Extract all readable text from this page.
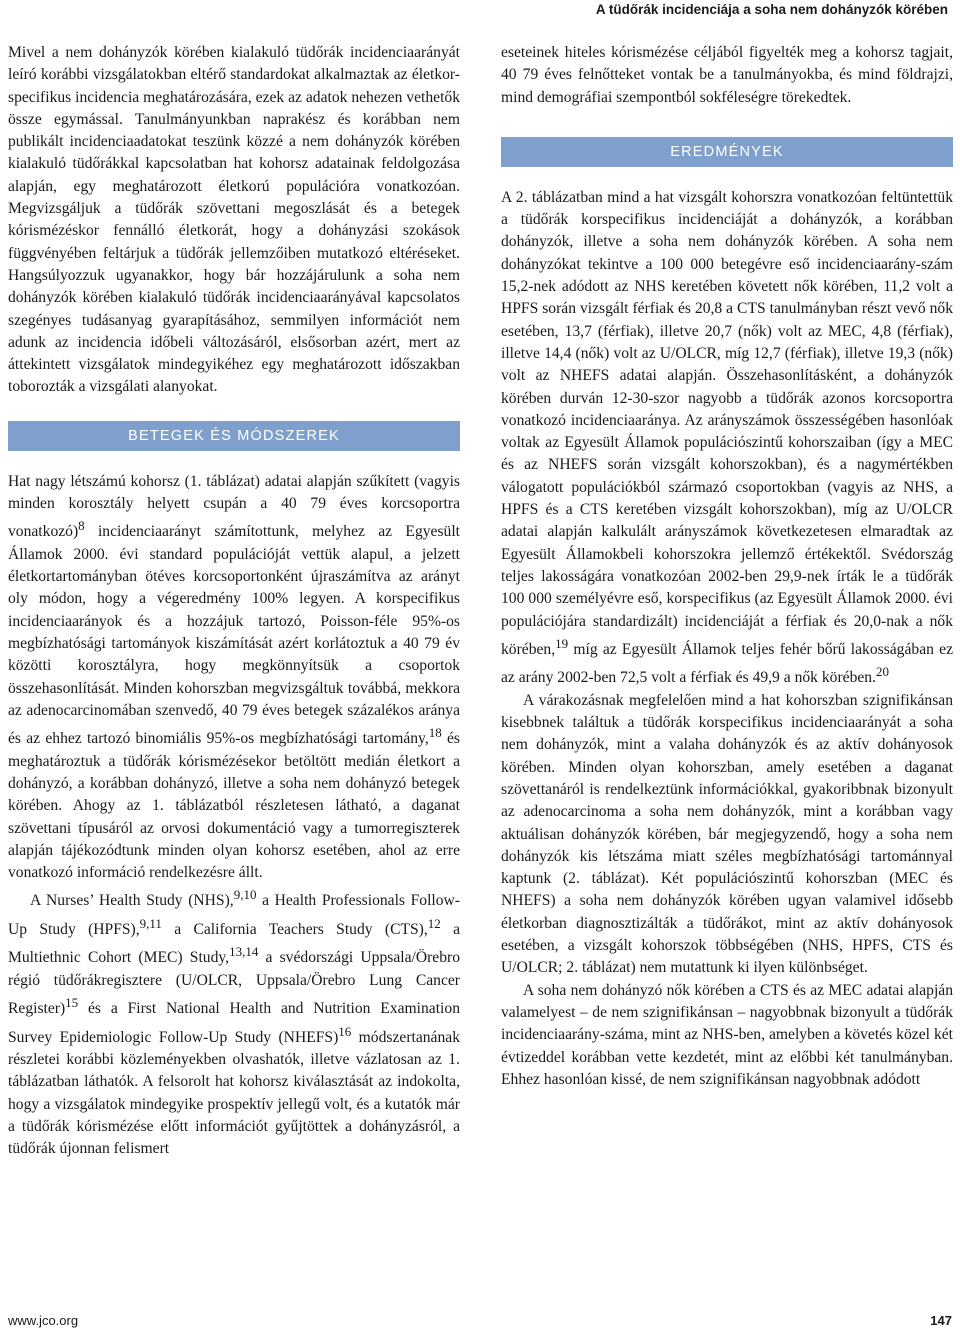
A tüdőrák incidenciája a soha nem dohányzók körében

Mivel a nem dohányzók körében kialakuló tüdőrák incidenciaarányát leíró korábbi vizsgálatokban eltérő standardokat alkalmaztak az életkor-specifikus incidencia meghatározására, ezek az adatok nehezen vethetők össze egymással. Tanulmányunkban naprakész és korábban nem publikált incidenciaadatokat teszünk közzé a nem dohányzók körében kialakuló tüdőrákkal kapcsolatban hat kohorsz adatainak feldolgozása alapján, egy meghatározott életkorú populációra vonatkozóan. Megvizsgáljuk a tüdőrák szövettani megoszlását és a betegek kórismézéskor fennálló életkorát, hogy a dohányzási szokások függvényében feltárjuk a tüdőrák jellemzőiben mutatkozó eltéréseket. Hangsúlyozzuk ugyanakkor, hogy bár hozzájárulunk a soha nem dohányzók körében kialakuló tüdőrák incidenciaarányával kapcsolatos szegényes tudásanyag gyarapításához, semmilyen információt nem adunk az incidencia időbeli változásáról, elsősorban azért, mert az áttekintett vizsgálatok mindegyikéhez egy meghatározott időszakban toborozták a vizsgálati alanyokat.

BETEGEK ÉS MÓDSZEREK

Hat nagy létszámú kohorsz (1. táblázat) adatai alapján szűkített (vagyis minden korosztály helyett csupán a 40 79 éves korcsoportra vonatkozó)$^8$ incidenciaarányt számítottunk, melyhez az Egyesült Államok 2000. évi standard populációját vettük alapul, a jelzett életkortartományban ötéves korcsoportonként újraszámítva az arányt oly módon, hogy a végeredmény 100% legyen. A korspecifikus incidenciaarányok és a hozzájuk tartozó, Poisson-féle 95%-os megbízhatósági tartományok kiszámítását azért korlátoztuk a 40 79 év közötti korosztályra, hogy megkönnyítsük a csoportok összehasonlítását. Minden kohorszban megvizsgáltuk továbbá, mekkora az adenocarcinomában szenvedő, 40 79 éves betegek százalékos aránya és az ehhez tartozó binomiális 95%-os megbízhatósági tartomány,$^{18}$ és meghatároztuk a tüdőrák kórismézésekor betöltött medián életkort a dohányzó, a korábban dohányzó, illetve a soha nem dohányzó betegek körében. Ahogy az 1. táblázatból részletesen látható, a daganat szövettani típusáról az orvosi dokumentáció vagy a tumorregiszterek alapján tájékozódtunk minden olyan kohorsz esetében, ahol az erre vonatkozó információ rendelkezésre állt.

A Nurses’ Health Study (NHS),$^{9,10}$ a Health Professionals Follow-Up Study (HPFS),$^{9,11}$ a California Teachers Study (CTS),$^{12}$ a Multiethnic Cohort (MEC) Study,$^{13,14}$ a svédországi Uppsala/Örebro régió tüdőrákregisztere (U/OLCR, Uppsala/Örebro Lung Cancer Register)$^{15}$ és a First National Health and Nutrition Examination Survey Epidemiologic Follow-Up Study (NHEFS)$^{16}$ módszertanának részletei korábbi közleményekben olvashatók, illetve vázlatosan az 1. táblázatban láthatók. A felsorolt hat kohorsz kiválasztását az indokolta, hogy a vizsgálatok mindegyike prospektív jellegű volt, és a kutatók már a tüdőrák kórismézése előtt információt gyűjtöttek a dohányzásról, a tüdőrák újonnan felismert

eseteinek hiteles kórismézése céljából figyelték meg a kohorsz tagjait, 40 79 éves felnőtteket vontak be a tanulmányokba, és mind földrajzi, mind demográfiai szempontból sokféleségre törekedtek.

EREDMÉNYEK

A 2. táblázatban mind a hat vizsgált kohorszra vonatkozóan feltüntettük a tüdőrák korspecifikus incidenciáját a dohányzók, a korábban dohányzók, illetve a soha nem dohányzók körében. A soha nem dohányzókat tekintve a 100 000 betegévre eső incidenciaarány-szám 15,2-nek adódott az NHS keretében követett nők körében, 11,2 volt a HPFS során vizsgált férfiak és 20,8 a CTS tanulmányban részt vevő nők esetében, 13,7 (férfiak), illetve 20,7 (nők) volt az MEC, 4,8 (férfiak), illetve 14,4 (nők) volt az U/OLCR, míg 12,7 (férfiak), illetve 19,3 (nők) volt az NHEFS adatai alapján. Összehasonlításként, a dohányzók körében durván 12-30-szor nagyobb a tüdőrák azonos korcsoportra vonatkozó incidenciaaránya. Az arányszámok összességében hasonlóak voltak az Egyesült Államok populációszintű kohorszaiban (így a MEC és az NHEFS során vizsgált kohorszokban), és a nagymértékben válogatott populációkból származó csoportokban (vagyis az NHS, a HPFS és a CTS keretében vizsgált kohorszokban), míg az U/OLCR adatai alapján kalkulált arányszámok következetesen elmaradtak az Egyesült Államokbeli kohorszokra jellemző értékektől. Svédország teljes lakosságára vonatkozóan 2002-ben 29,9-nek írták le a tüdőrák 100 000 személyévre eső, korspecifikus (az Egyesült Államok 2000. évi populációjára standardizált) incidenciáját a férfiak és 20,0-nak a nők körében,$^{19}$ míg az Egyesült Államok teljes fehér bőrű lakosságában ez az arány 2002-ben 72,5 volt a férfiak és 49,9 a nők körében.$^{20}$

A várakozásnak megfelelően mind a hat kohorszban szignifikánsan kisebbnek találtuk a tüdőrák korspecifikus incidenciaarányát a soha nem dohányzók, mint a valaha dohányzók és az aktív dohányosok körében. Minden olyan kohorszban, amely esetében a daganat szövettanáról is rendelkeztünk információkkal, gyakoribbnak bizonyult az adenocarcinoma a soha nem dohányzók, mint a korábban vagy aktuálisan dohányzók körében, bár megjegyzendő, hogy a soha nem dohányzók kis létszáma miatt széles megbízhatósági tartománnyal kaptunk (2. táblázat). Két populációszintű kohorszban (MEC és NHEFS) a soha nem dohányzók körében ugyan valamivel idősebb életkorban diagnosztizálták a tüdőrákot, mint az aktív dohányosok esetében, a vizsgált kohorszok többségében (NHS, HPFS, CTS és U/OLCR; 2. táblázat) nem mutattunk ki ilyen különbséget.

A soha nem dohányzó nők körében a CTS és az MEC adatai alapján valamelyest – de nem szignifikánsan – nagyobbnak bizonyult a tüdőrák incidenciaarány-száma, mint az NHS-ben, amelyben a követés közel két évtizeddel korábban vette kezdetét, mint az előbbi két tanulmányban. Ehhez hasonlóan kissé, de nem szignifikánsan nagyobbnak adódott

www.jco.org	147
